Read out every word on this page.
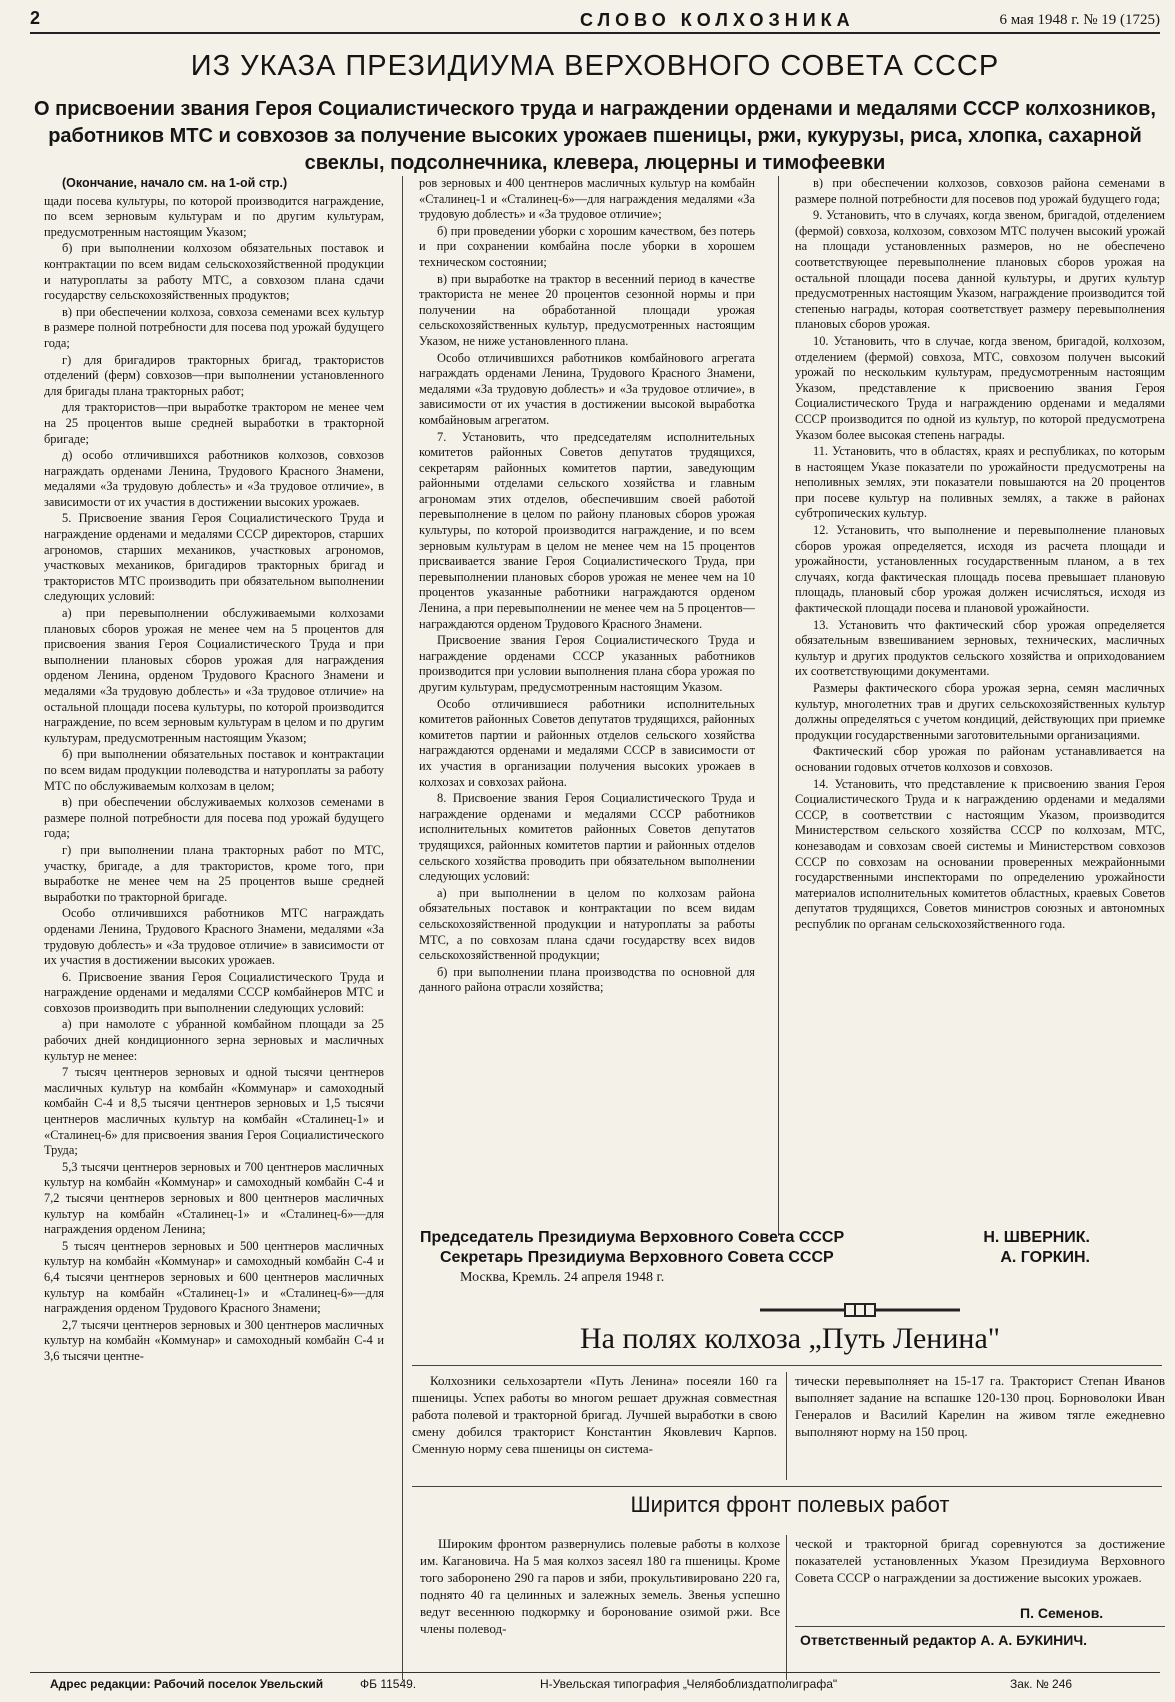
2	СЛОВО КОЛХОЗНИКА	6 мая 1948 г. № 19 (1725)
ИЗ УКАЗА ПРЕЗИДИУМА ВЕРХОВНОГО СОВЕТА СССР
О присвоении звания Героя Социалистического труда и награждении орденами и медалями СССР колхозников, работников МТС и совхозов за получение высоких урожаев пшеницы, ржи, кукурузы, риса, хлопка, сахарной свеклы, подсолнечника, клевера, люцерны и тимофеевки

(Окончание, начало см. на 1-ой стр.)

щади посева культуры, по которой производится награждение, по всем зерновым культурам и по другим культурам, предусмотренным настоящим Указом;

б) при выполнении колхозом обязательных поставок и контрактации по всем видам сельскохозяйственной продукции и натуроплаты за работу МТС, а совхозом плана сдачи государству сельскохозяйственных продуктов;

в) при обеспечении колхоза, совхоза семенами всех культур в размере полной потребности для посева под урожай будущего года;

г) для бригадиров тракторных бригад, трактористов отделений (ферм) совхозов—при выполнении установленного для бригады плана тракторных работ;

для трактористов—при выработке трактором не менее чем на 25 процентов выше средней выработки в тракторной бригаде;

д) особо отличившихся работников колхозов, совхозов награждать орденами Ленина, Трудового Красного Знамени, медалями «За трудовую доблесть» и «За трудовое отличие», в зависимости от их участия в достижении высоких урожаев.

5. Присвоение звания Героя Социалистического Труда и награждение орденами и медалями СССР директоров, старших агрономов, старших механиков, участковых агрономов, участковых механиков, бригадиров тракторных бригад и трактористов МТС производить при обязательном выполнении следующих условий:

а) при перевыполнении обслуживаемыми колхозами плановых сборов урожая не менее чем на 5 процентов для присвоения звания Героя Социалистического Труда и при выполнении плановых сборов урожая для награждения орденом Ленина, орденом Трудового Красного Знамени и медалями «За трудовую доблесть» и «За трудовое отличие» на остальной площади посева культуры, по которой производится награждение, по всем зерновым культурам в целом и по другим культурам, предусмотренным настоящим Указом;

б) при выполнении обязательных поставок и контрактации по всем видам продукции полеводства и натуроплаты за работу МТС по обслуживаемым колхозам в целом;

в) при обеспечении обслуживаемых колхозов семенами в размере полной потребности для посева под урожай будущего года;

г) при выполнении плана тракторных работ по МТС, участку, бригаде, а для трактористов, кроме того, при выработке не менее чем на 25 процентов выше средней выработки по тракторной бригаде.

Особо отличившихся работников МТС награждать орденами Ленина, Трудового Красного Знамени, медалями «За трудовую доблесть» и «За трудовое отличие» в зависимости от их участия в достижении высоких урожаев.

6. Присвоение звания Героя Социалистического Труда и награждение орденами и медалями СССР комбайнеров МТС и совхозов производить при выполнении следующих условий:

а) при намолоте с убранной комбайном площади за 25 рабочих дней кондиционного зерна зерновых и масличных культур не менее:

7 тысяч центнеров зерновых и одной тысячи центнеров масличных культур на комбайн «Коммунар» и самоходный комбайн С-4 и 8,5 тысячи центнеров зерновых и 1,5 тысячи центнеров масличных культур на комбайн «Сталинец-1» и «Сталинец-6» для присвоения звания Героя Социалистического Труда;

5,3 тысячи центнеров зерновых и 700 центнеров масличных культур на комбайн «Коммунар» и самоходный комбайн С-4 и 7,2 тысячи центнеров зерновых и 800 центнеров масличных культур на комбайн «Сталинец-1» и «Сталинец-6»—для награждения орденом Ленина;

5 тысяч центнеров зерновых и 500 центнеров масличных культур на комбайн «Коммунар» и самоходный комбайн С-4 и 6,4 тысячи центнеров зерновых и 600 центнеров масличных культур на комбайн «Сталинец-1» и «Сталинец-6»—для награждения орденом Трудового Красного Знамени;

2,7 тысячи центнеров зерновых и 300 центнеров масличных культур на комбайн «Коммунар» и самоходный комбайн С-4 и 3,6 тысячи центне-

ров зерновых и 400 центнеров масличных культур на комбайн «Сталинец-1 и «Сталинец-6»—для награждения медалями «За трудовую доблесть» и «За трудовое отличие»;

б) при проведении уборки с хорошим качеством, без потерь и при сохранении комбайна после уборки в хорошем техническом состоянии;

в) при выработке на трактор в весенний период в качестве тракториста не менее 20 процентов сезонной нормы и при получении на обработанной площади урожая сельскохозяйственных культур, предусмотренных настоящим Указом, не ниже установленного плана.

Особо отличившихся работников комбайнового агрегата награждать орденами Ленина, Трудового Красного Знамени, медалями «За трудовую доблесть» и «За трудовое отличие», в зависимости от их участия в достижении высокой выработка комбайновым агрегатом.

7. Установить, что председателям исполнительных комитетов районных Советов депутатов трудящихся, секретарям районных комитетов партии, заведующим районными отделами сельского хозяйства и главным агрономам этих отделов, обеспечившим своей работой перевыполнение в целом по району плановых сборов урожая культуры, по которой производится награждение, и по всем зерновым культурам в целом не менее чем на 15 процентов присваивается звание Героя Социалистического Труда, при перевыполнении плановых сборов урожая не менее чем на 10 процентов указанные работники награждаются орденом Ленина, а при перевыполнении не менее чем на 5 процентов—награждаются орденом Трудового Красного Знамени.

Присвоение звания Героя Социалистического Труда и награждение орденами СССР указанных работников производится при условии выполнения плана сбора урожая по другим культурам, предусмотренным настоящим Указом.

Особо отличившиеся работники исполнительных комитетов районных Советов депутатов трудящихся, районных комитетов партии и районных отделов сельского хозяйства награждаются орденами и медалями СССР в зависимости от их участия в организации получения высоких урожаев в колхозах и совхозах района.

8. Присвоение звания Героя Социалистического Труда и награждение орденами и медалями СССР работников исполнительных комитетов районных Советов депутатов трудящихся, районных комитетов партии и районных отделов сельского хозяйства проводить при обязательном выполнении следующих условий:

а) при выполнении в целом по колхозам района обязательных поставок и контрактации по всем видам сельскохозяйственной продукции и натуроплаты за работы МТС, а по совхозам плана сдачи государству всех видов сельскохозяйственной продукции;

б) при выполнении плана производства по основной для данного района отрасли хозяйства;

в) при обеспечении колхозов, совхозов района семенами в размере полной потребности для посевов под урожай будущего года;

9. Установить, что в случаях, когда звеном, бригадой, отделением (фермой) совхоза, колхозом, совхозом МТС получен высокий урожай на площади установленных размеров, но не обеспечено соответствующее перевыполнение плановых сборов урожая на остальной площади посева данной культуры, и других культур предусмотренных настоящим Указом, награждение производится той степенью награды, которая соответствует размеру перевыполнения плановых сборов урожая.

10. Установить, что в случае, когда звеном, бригадой, колхозом, отделением (фермой) совхоза, МТС, совхозом получен высокий урожай по нескольким культурам, предусмотренным настоящим Указом, представление к присвоению звания Героя Социалистического Труда и награждению орденами и медалями СССР производится по одной из культур, по которой предусмотрена Указом более высокая степень награды.

11. Установить, что в областях, краях и республиках, по которым в настоящем Указе показатели по урожайности предусмотрены на неполивных землях, эти показатели повышаются на 20 процентов при посеве культур на поливных землях, а также в районах субтропических культур.

12. Установить, что выполнение и перевыполнение плановых сборов урожая определяется, исходя из расчета площади и урожайности, установленных государственным планом, а в тех случаях, когда фактическая площадь посева превышает плановую площадь, плановый сбор урожая должен исчисляться, исходя из фактической площади посева и плановой урожайности.

13. Установить что фактический сбор урожая определяется обязательным взвешиванием зерновых, технических, масличных культур и других продуктов сельского хозяйства и оприходованием их соответствующими документами.

Размеры фактического сбора урожая зерна, семян масличных культур, многолетних трав и других сельскохозяйственных культур должны определяться с учетом кондиций, действующих при приемке продукции государственными заготовительными организациями.

Фактический сбор урожая по районам устанавливается на основании годовых отчетов колхозов и совхозов.

14. Установить, что представление к присвоению звания Героя Социалистического Труда и к награждению орденами и медалями СССР, в соответствии с настоящим Указом, производится Министерством сельского хозяйства СССР по колхозам, МТС, конезаводам и совхозам своей системы и Министерством совхозов СССР по совхозам на основании проверенных межрайонными государственными инспекторами по определению урожайности материалов исполнительных комитетов областных, краевых Советов депутатов трудящихся, Советов министров союзных и автономных республик по органам сельскохозяйственного года.

Председатель Президиума Верховного Совета СССР	Н. ШВЕРНИК.
Секретарь Президиума Верховного Совета СССР	А. ГОРКИН.
Москва, Кремль. 24 апреля 1948 г.
На полях колхоза „Путь Ленина"

Колхозники сельхозартели «Путь Ленина» посеяли 160 га пшеницы. Успех работы во многом решает дружная совместная работа полевой и тракторной бригад. Лучшей выработки в свою смену добился тракторист Константин Яковлевич Карпов. Сменную норму сева пшеницы он система-

тически перевыполняет на 15-17 га. Тракторист Степан Иванов выполняет задание на вспашке 120-130 проц. Борноволоки Иван Генералов и Василий Карелин на живом тягле ежедневно выполняют норму на 150 проц.

Ширится фронт полевых работ

Широким фронтом развернулись полевые работы в колхозе им. Кагановича. На 5 мая колхоз засеял 180 га пшеницы. Кроме того заборонено 290 га паров и зяби, прокультивировано 220 га, поднято 40 га целинных и залежных земель. Звенья успешно ведут весеннюю подкормку и боронование озимой ржи. Все члены полевод-

ческой и тракторной бригад соревнуются за достижение показателей установленных Указом Президиума Верховного Совета СССР о награждении за достижение высоких урожаев.

П. Семенов.
Ответственный редактор А. А. БУКИНИЧ.
Адрес редакции: Рабочий поселок Увельский	ФБ 11549.	Н-Увельская типография „Челябоблиздатполиграфа"	Зак. № 246
